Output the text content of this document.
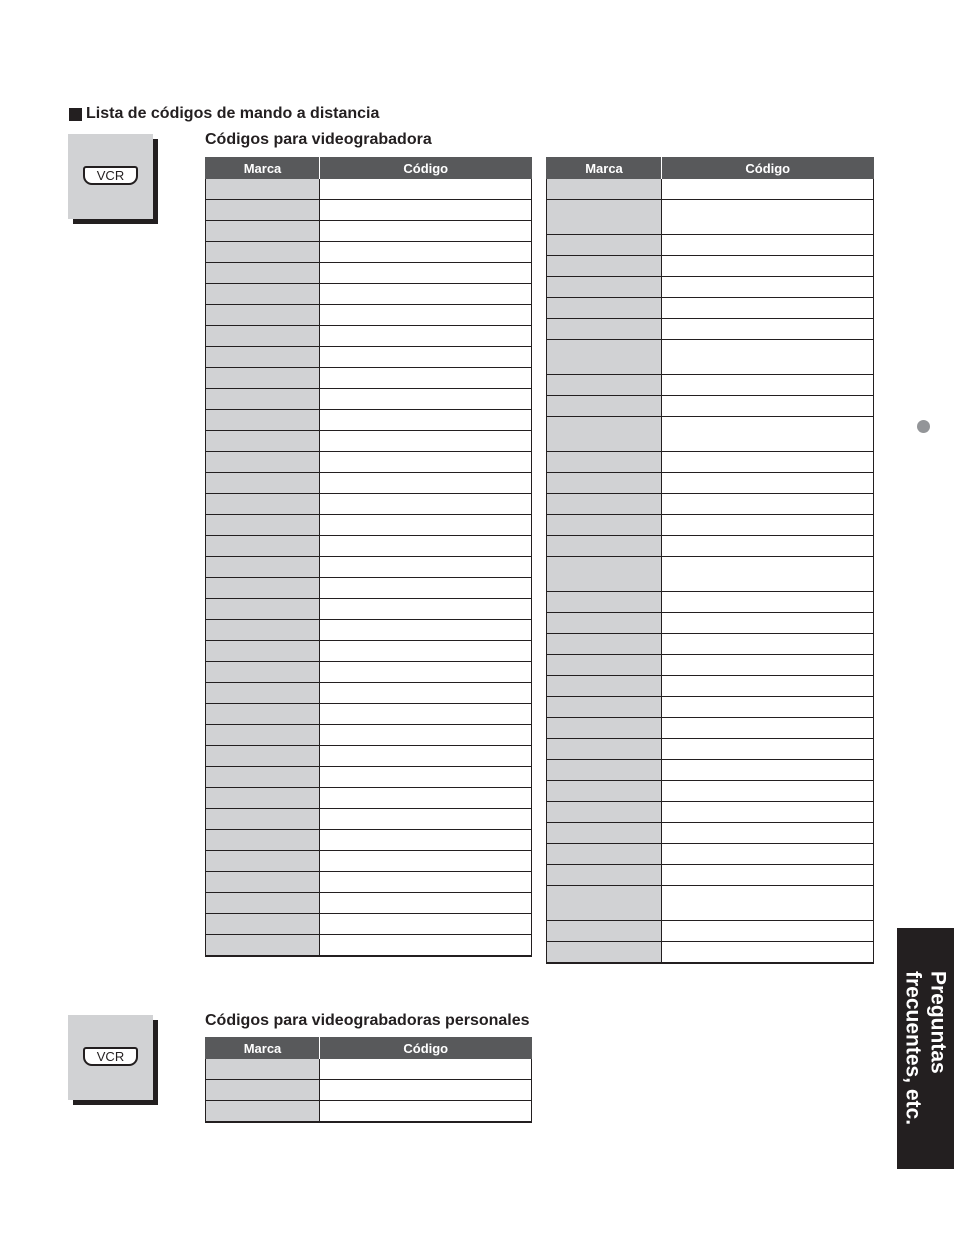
Lista de códigos de mando a distancia
VCR
Códigos para videograbadora
Marca	Código

		Marca	Código

VCR
Códigos para videograbadoras personales
Marca	Código

		Preguntas
frecuentes, etc.
